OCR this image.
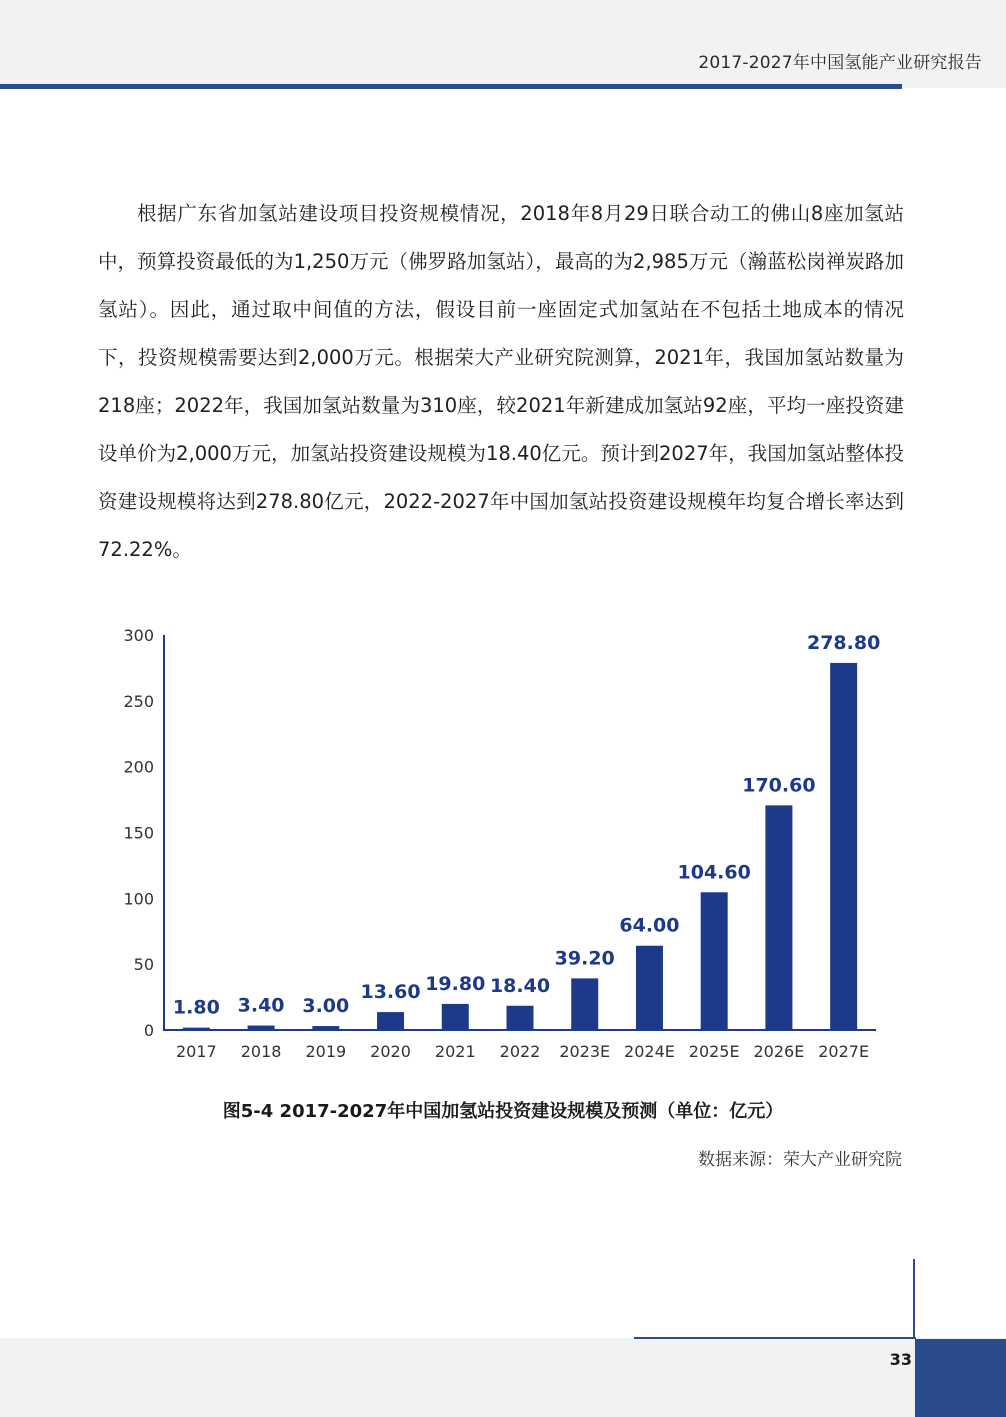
2017-2027年中国氢能产业研究报告

根据广东省加氢站建设项目投资规模情况，2018年8月29日联合动工的佛山8座加氢站中，预算投资最低的为1,250万元（佛罗路加氢站），最高的为2,985万元（瀚蓝松岗禅炭路加氢站）。因此，通过取中间值的方法，假设目前一座固定式加氢站在不包括土地成本的情况下，投资规模需要达到2,000万元。根据荣大产业研究院测算，2021年，我国加氢站数量为218座；2022年，我国加氢站数量为310座，较2021年新建成加氢站92座，平均一座投资建设单价为2,000万元，加氢站投资建设规模为18.40亿元。预计到2027年，我国加氢站整体投资建设规模将达到278.80亿元，2022-2027年中国加氢站投资建设规模年均复合增长率达到72.22%。

0
50
100
150
200
250
300
1.80 3.40 3.00
13.60 19.80 18.40
39.20
64.00
104.60
170.60
278.80
2017 2018 2019 2020 2021 2022 2023E 2024E 2025E 2026E 2027E
图5-4 2017-2027年中国加氢站投资建设规模及预测（单位：亿元）
数据来源：荣大产业研究院
33
